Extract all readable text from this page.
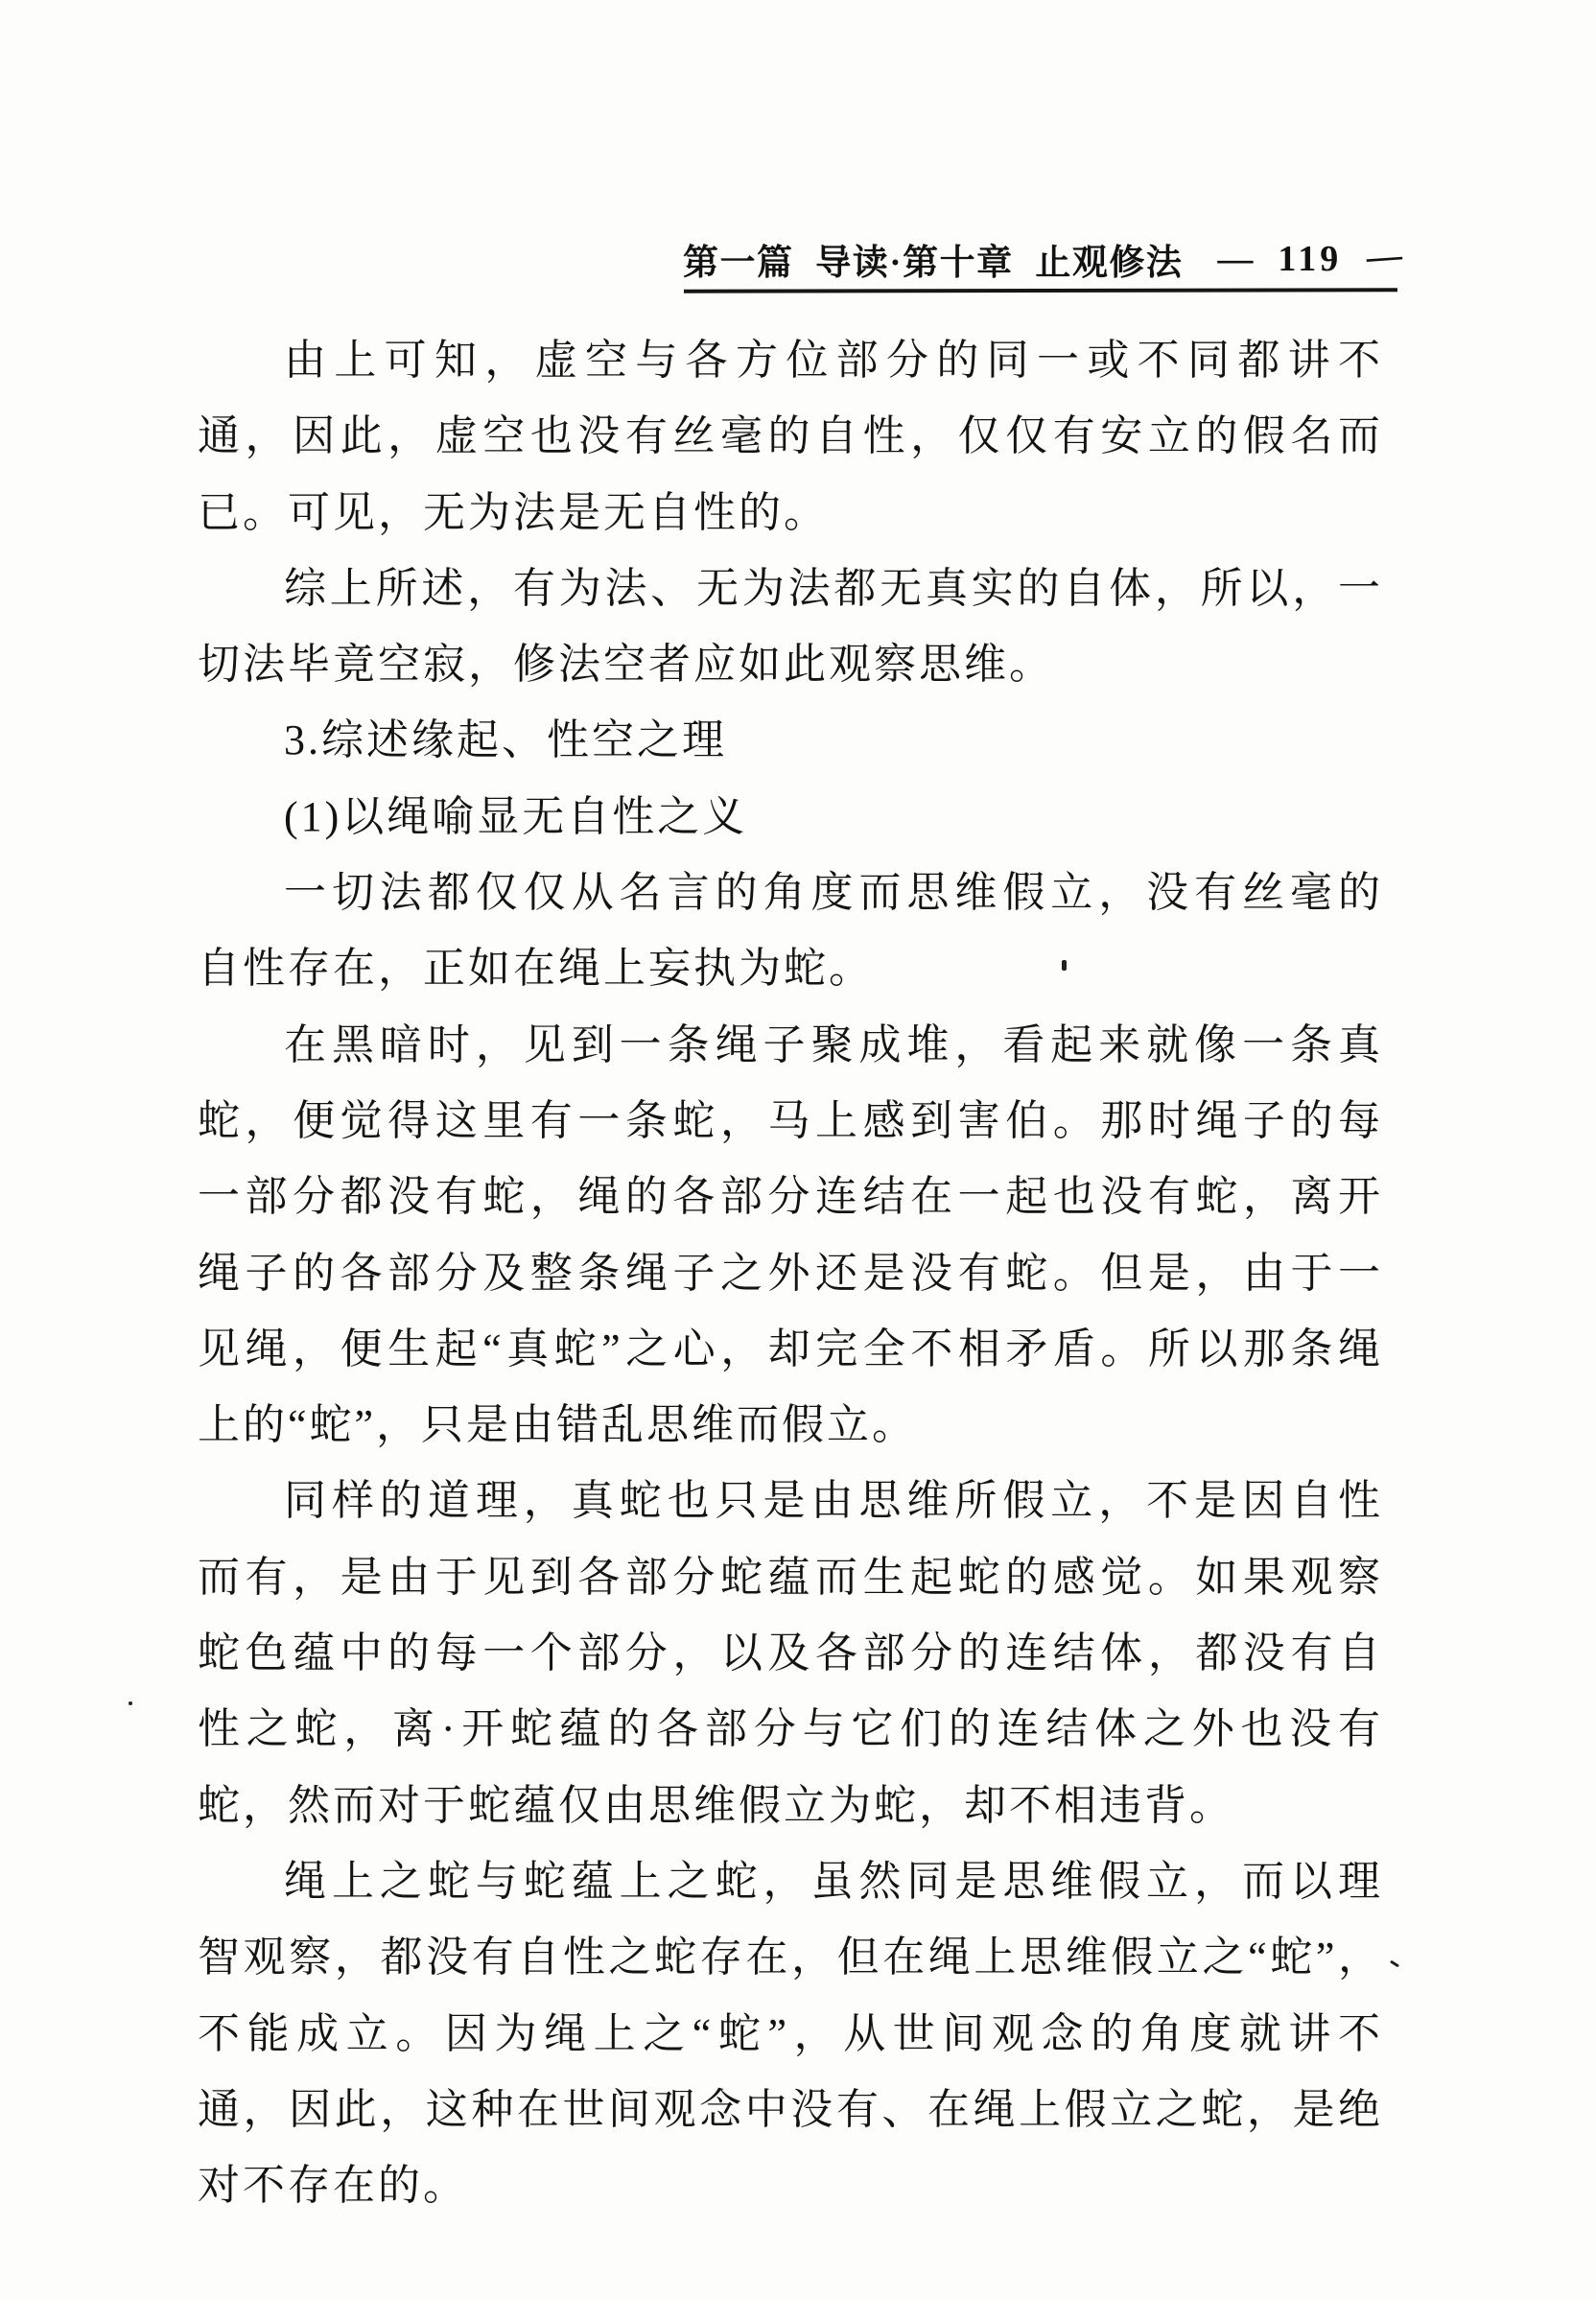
第一篇 导读·第十章 止观修法 — 119 —
由上可知，虚空与各方位部分的同一或不同都讲不
通，因此，虚空也没有丝毫的自性，仅仅有安立的假名而
已。可见，无为法是无自性的。
综上所述，有为法、无为法都无真实的自体，所以，一
切法毕竟空寂，修法空者应如此观察思维。
3.综述缘起、性空之理
(1)以绳喻显无自性之义
一切法都仅仅从名言的角度而思维假立，没有丝毫的
自性存在，正如在绳上妄执为蛇。
在黑暗时，见到一条绳子聚成堆，看起来就像一条真
蛇，便觉得这里有一条蛇，马上感到害伯。那时绳子的每
一部分都没有蛇，绳的各部分连结在一起也没有蛇，离开
绳子的各部分及整条绳子之外还是没有蛇。但是，由于一
见绳，便生起“真蛇”之心，却完全不相矛盾。所以那条绳
上的“蛇”，只是由错乱思维而假立。
同样的道理，真蛇也只是由思维所假立，不是因自性
而有，是由于见到各部分蛇蕴而生起蛇的感觉。如果观察
蛇色蕴中的每一个部分，以及各部分的连结体，都没有自
性之蛇，离·开蛇蕴的各部分与它们的连结体之外也没有
蛇，然而对于蛇蕴仅由思维假立为蛇，却不相违背。
绳上之蛇与蛇蕴上之蛇，虽然同是思维假立，而以理
智观察，都没有自性之蛇存在，但在绳上思维假立之“蛇”，
不能成立。因为绳上之“蛇”，从世间观念的角度就讲不
通，因此，这种在世间观念中没有、在绳上假立之蛇，是绝
对不存在的。
